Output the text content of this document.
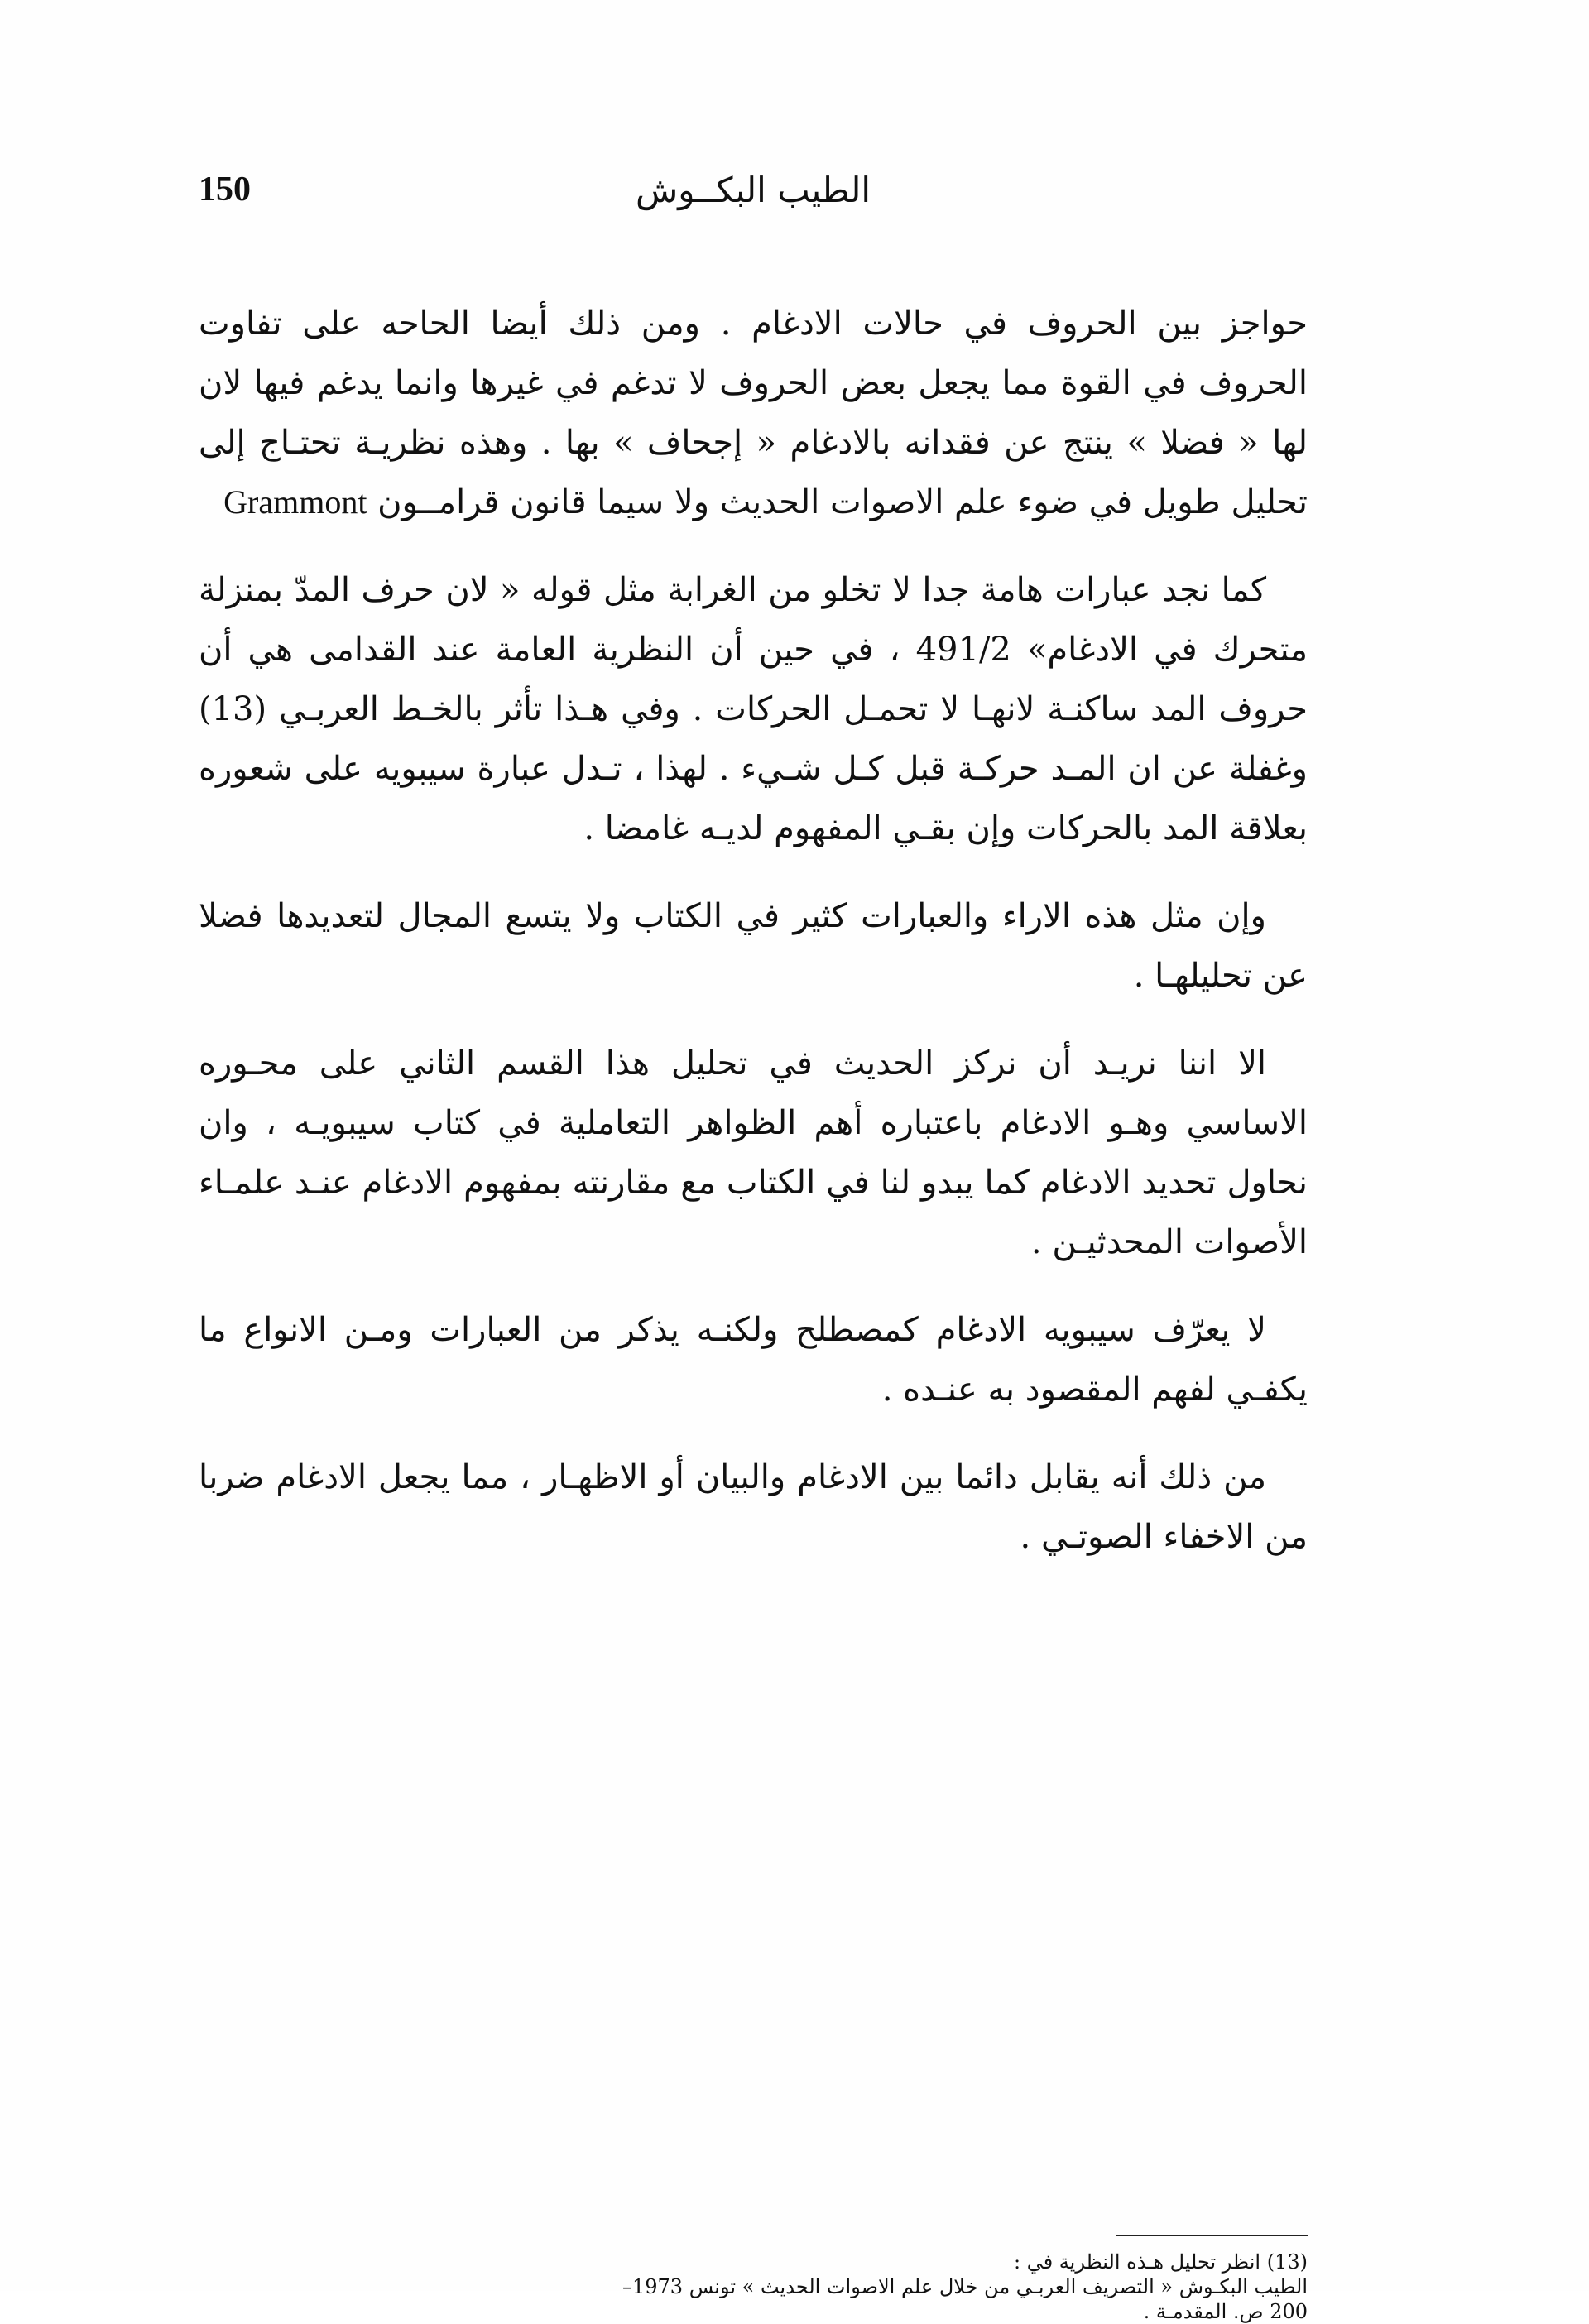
150	الطيب البكــوش

حواجز بين الحروف في حالات الادغام . ومن ذلك أيضا الحاحه على تفاوت الحروف في القوة مما يجعل بعض الحروف لا تدغم في غيرها وانما يدغم فيها لان لها « فضلا » ينتج عن فقدانه بالادغام « إجحاف » بها . وهذه نظريـة تحتـاج إلى تحليل طويل في ضوء علم الاصوات الحديث ولا سيما قانون قرامــون Grammont

كما نجد عبارات هامة جدا لا تخلو من الغرابة مثل قوله « لان حرف المدّ بمنزلة متحرك في الادغام» 491/2 ، في حين أن النظرية العامة عند القدامى هي أن حروف المد ساكنـة لانهـا لا تحمـل الحركات . وفي هـذا تأثر بالخـط العربـي (13) وغفلة عن ان المـد حركـة قبل كـل شـيء . لهذا ، تـدل عبارة سيبويه على شعوره بعلاقة المد بالحركات وإن بقـي المفهوم لديـه غامضا .

وإن مثل هذه الاراء والعبارات كثير في الكتاب ولا يتسع المجال لتعديدها فضلا عن تحليلهـا .

الا اننا نريـد أن نركز الحديث في تحليل هذا القسم الثاني على محـوره الاساسي وهـو الادغام باعتباره أهم الظواهر التعاملية في كتاب سيبويـه ، وان نحاول تحديد الادغام كما يبدو لنا في الكتاب مع مقارنته بمفهوم الادغام عنـد علمـاء الأصوات المحدثيـن .

لا يعرّف سيبويه الادغام كمصطلح ولكنـه يذكر من العبارات ومـن الانواع ما يكفـي لفهم المقصود به عنـده .

من ذلك أنه يقابل دائما بين الادغام والبيان أو الاظهـار ، مما يجعل الادغام ضربا من الاخفاء الصوتـي .

(13) انظر تحليل هـذه النظرية في :
الطيب البكـوش « التصريف العربـي من خلال علم الاصوات الحديث » تونس 1973–
200 ص. المقدمـة .
